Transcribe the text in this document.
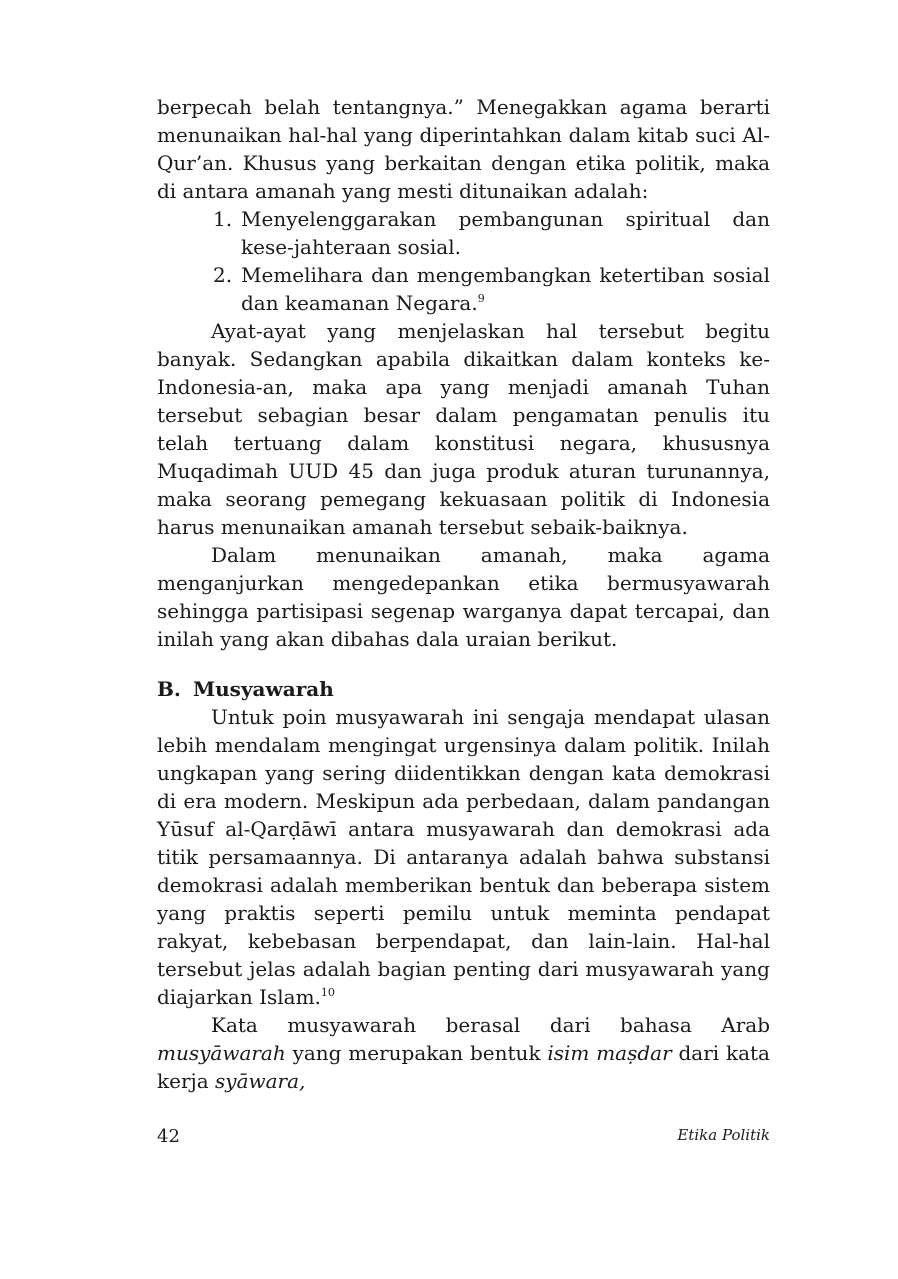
berpecah belah tentangnya.” Menegakkan agama berarti menunaikan hal-hal yang diperintahkan dalam kitab suci Al-Qur’an. Khusus yang berkaitan dengan etika politik, maka di antara amanah yang mesti ditunaikan adalah:

1. Menyelenggarakan pembangunan spiritual dan kese-jahteraan sosial.
2. Memelihara dan mengembangkan ketertiban sosial dan keamanan Negara.$^9$

Ayat-ayat yang menjelaskan hal tersebut begitu banyak. Sedangkan apabila dikaitkan dalam konteks ke-Indonesia-an, maka apa yang menjadi amanah Tuhan tersebut sebagian besar dalam pengamatan penulis itu telah tertuang dalam konstitusi negara, khususnya Muqadimah UUD 45 dan juga produk aturan turunannya, maka seorang pemegang kekuasaan politik di Indonesia harus menunaikan amanah tersebut sebaik-baiknya.

Dalam menunaikan amanah, maka agama menganjurkan mengedepankan etika bermusyawarah sehingga partisipasi segenap warganya dapat tercapai, dan inilah yang akan dibahas dala uraian berikut.

B. Musyawarah

Untuk poin musyawarah ini sengaja mendapat ulasan lebih mendalam mengingat urgensinya dalam politik. Inilah ungkapan yang sering diidentikkan dengan kata demokrasi di era modern. Meskipun ada perbedaan, dalam pandangan Yūsuf al-Qarḍāwī antara musyawarah dan demokrasi ada titik persamaannya. Di antaranya adalah bahwa substansi demokrasi adalah memberikan bentuk dan beberapa sistem yang praktis seperti pemilu untuk meminta pendapat rakyat, kebebasan berpendapat, dan lain-lain. Hal-hal tersebut jelas adalah bagian penting dari musyawarah yang diajarkan Islam.$^{10}$

Kata musyawarah berasal dari bahasa Arab musyāwarah yang merupakan bentuk isim maṣdar dari kata kerja syāwara,

42	Etika Politik
